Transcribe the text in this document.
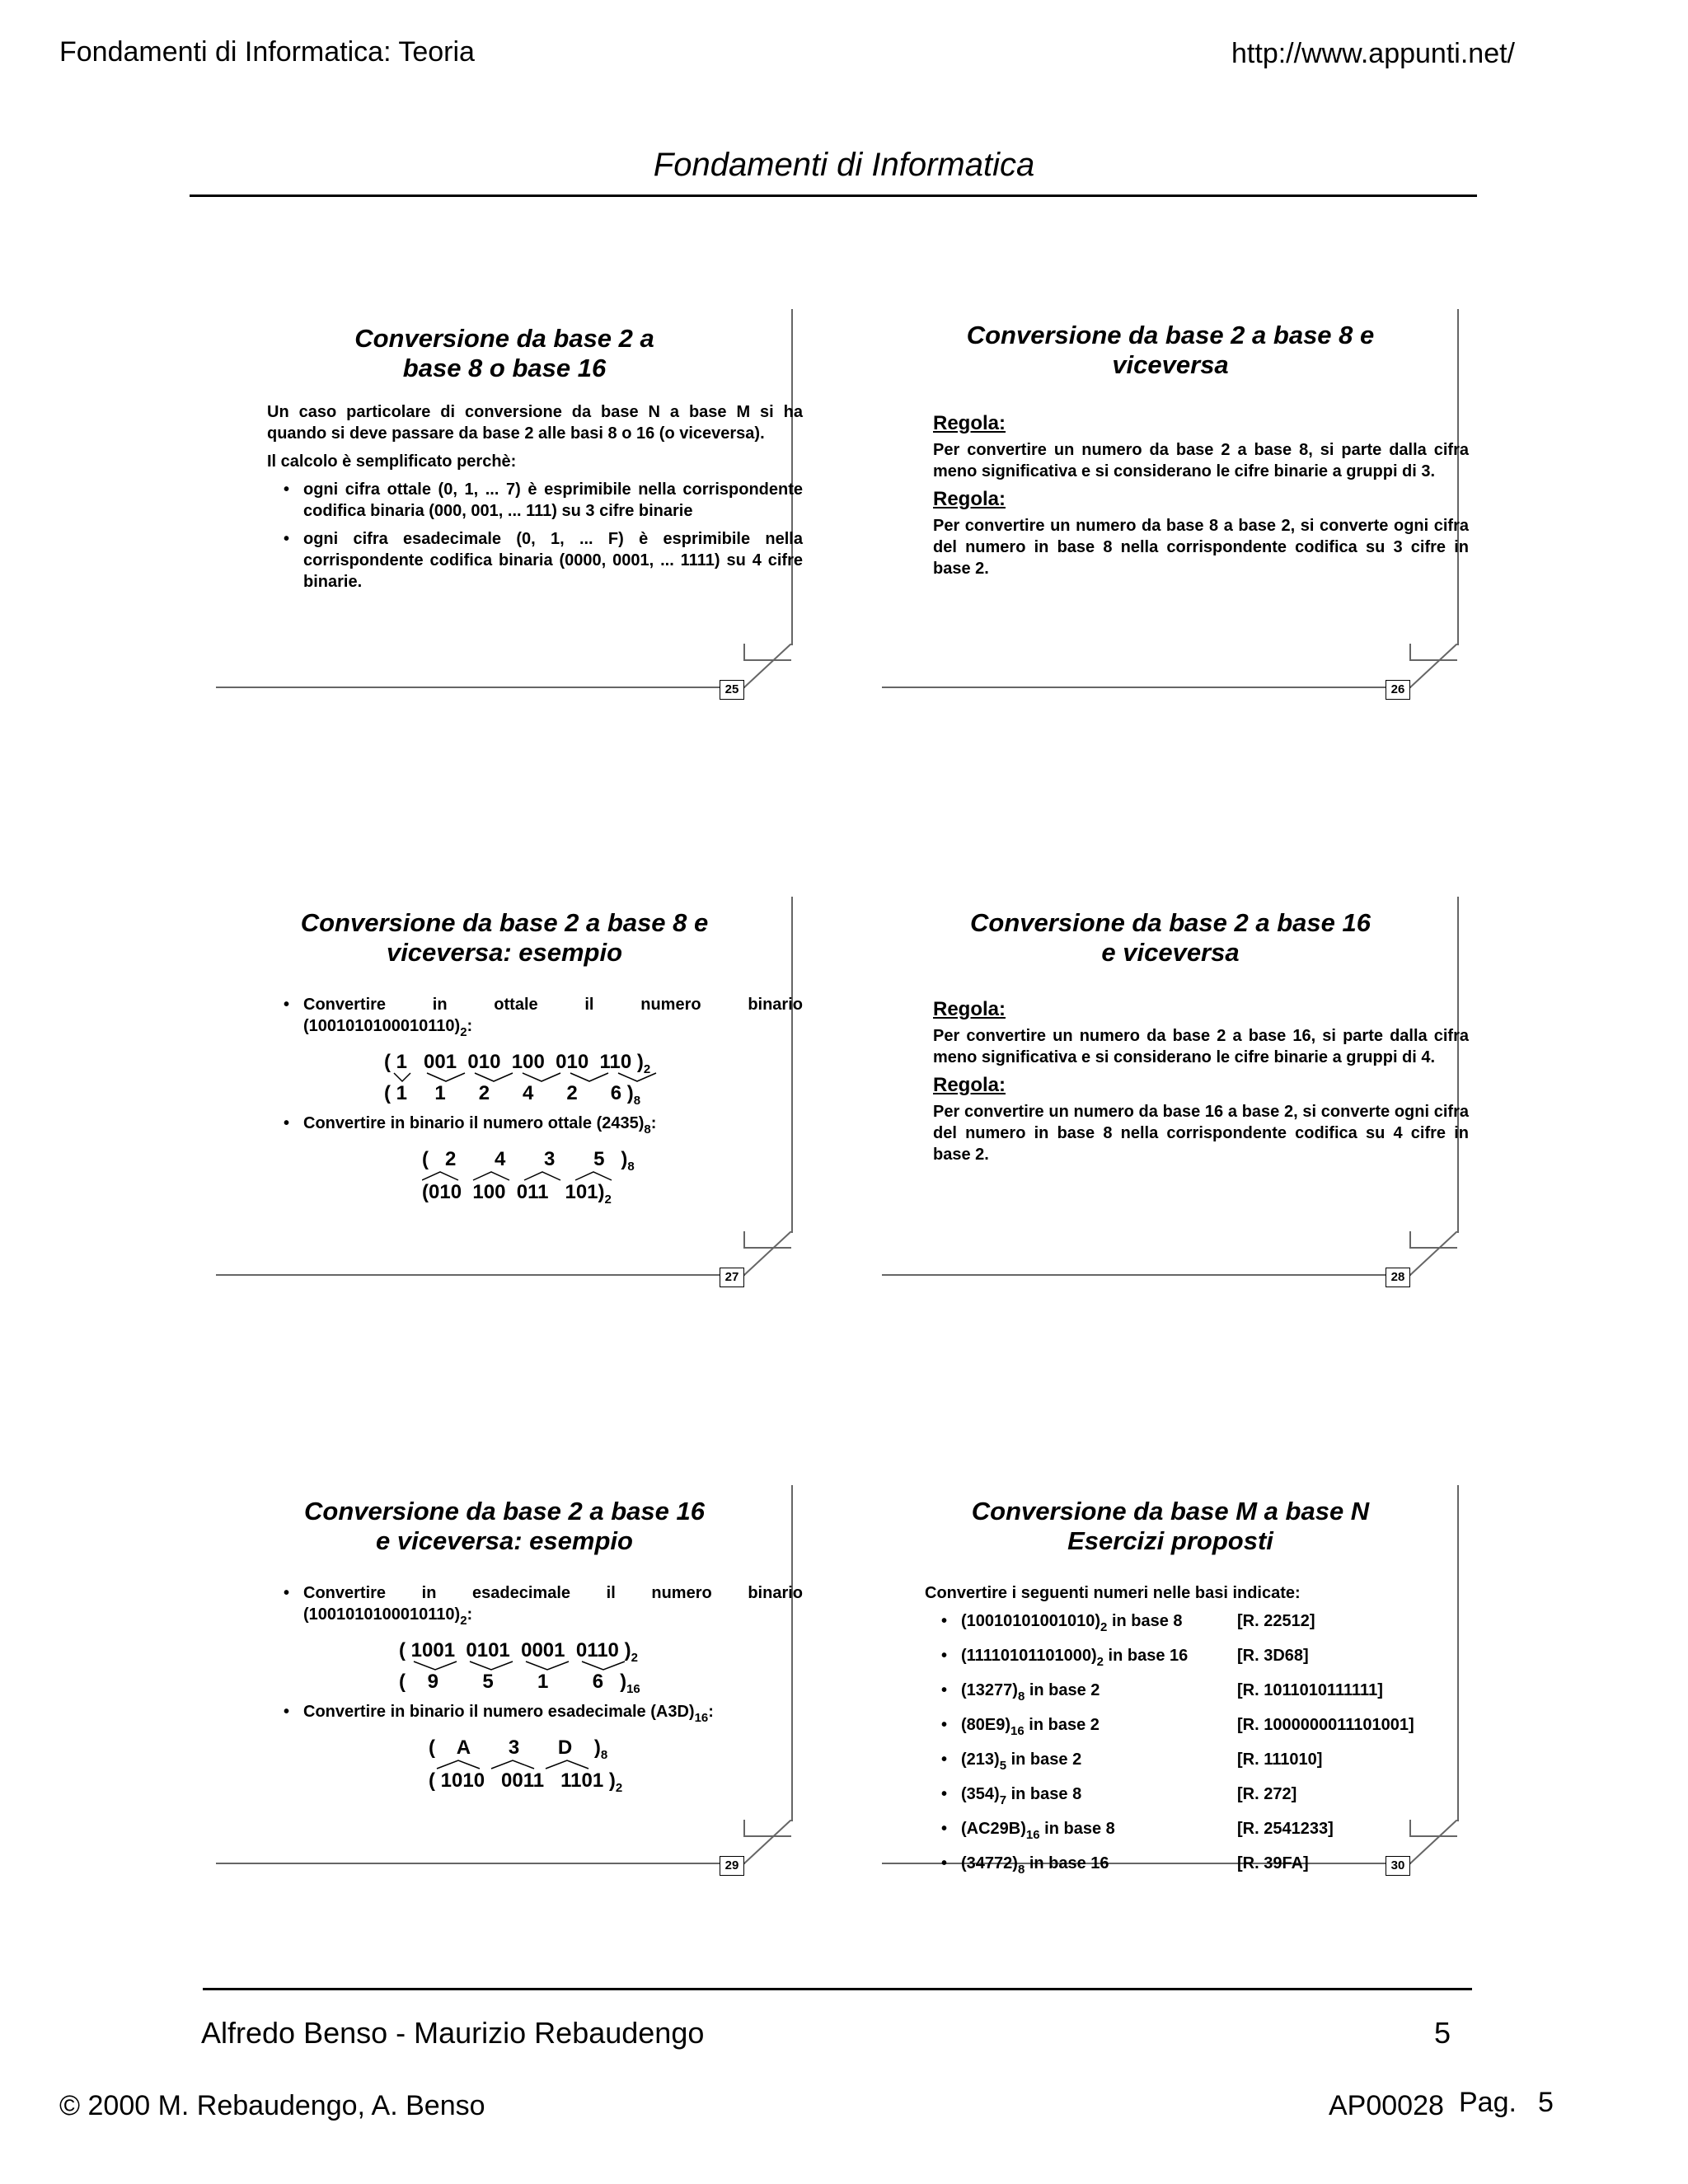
Fondamenti di Informatica: Teoria	http://www.appunti.net/
Fondamenti di Informatica
25
Conversione da base 2 a
base 8 o base 16
Un caso particolare di conversione da base N a base M si ha quando si deve passare da base 2 alle basi 8 o 16 (o viceversa).
Il calcolo è semplificato perchè:
• ogni cifra ottale (0, 1, ... 7) è esprimibile nella corrispondente codifica binaria (000, 001, ... 111) su 3 cifre binarie
• ogni cifra esadecimale (0, 1, ... F) è esprimibile nella corrispondente codifica binaria (0000, 0001, ... 1111) su 4 cifre binarie.
26
Conversione da base 2 a base 8 e
viceversa
Regola:
Per convertire un numero da base 2 a base 8, si parte dalla cifra meno significativa e si considerano le cifre binarie a gruppi di 3.
Regola:
Per convertire un numero da base 8 a base 2, si converte ogni cifra del numero in base 8 nella corrispondente codifica su 3 cifre in base 2.
27
Conversione da base 2 a base 8 e
viceversa: esempio
• Convertire in ottale il numero binario
$(1001010100010110)_2$:
( 1   001  010  100  010  110 )$_2$
( 1     1      2      4      2      6 )$_8$
• Convertire in binario il numero ottale $(2435)_8$:
(   2       4       3       5   )$_8$
(010  100  011   $101)_2$
28
Conversione da base 2 a base 16
e viceversa
Regola:
Per convertire un numero da base 2 a base 16, si parte dalla cifra meno significativa e si considerano le cifre binarie a gruppi di 4.
Regola:
Per convertire un numero da base 16 a base 2, si converte ogni cifra del numero in base 8 nella corrispondente codifica su 4 cifre in base 2.
29
Conversione da base 2 a base 16
e viceversa: esempio
• Convertire in esadecimale il numero binario
$(1001010100010110)_2$:
( 1001  0101  0001  0110 )$_2$
(    9        5        1        6   )$_{16}$
• Convertire in binario il numero esadecimale $(A3D)_{16}$:
(    A       3       D    )$_8$
( 1010   0011   1101 )$_2$
30
Conversione da base M a base N
Esercizi proposti
Convertire i seguenti numeri nelle basi indicate:
• $(10010101001010)_2$ in base 8	[R. 22512]
• $(11110101101000)_2$ in base 16	[R. 3D68]
• $(13277)_8$ in base 2	[R. 1011010111111]
• $(80E9)_{16}$ in base 2	[R. 1000000011101001]
• $(213)_5$ in base 2	[R. 111010]
• $(354)_7$ in base 8	[R. 272]
• $(AC29B)_{16}$ in base 8	[R. 2541233]
• $(34772)_8$ in base 16	[R. 39FA]
Alfredo Benso - Maurizio Rebaudengo	5
© 2000 M. Rebaudengo, A. Benso	AP00028 Pag. 5
